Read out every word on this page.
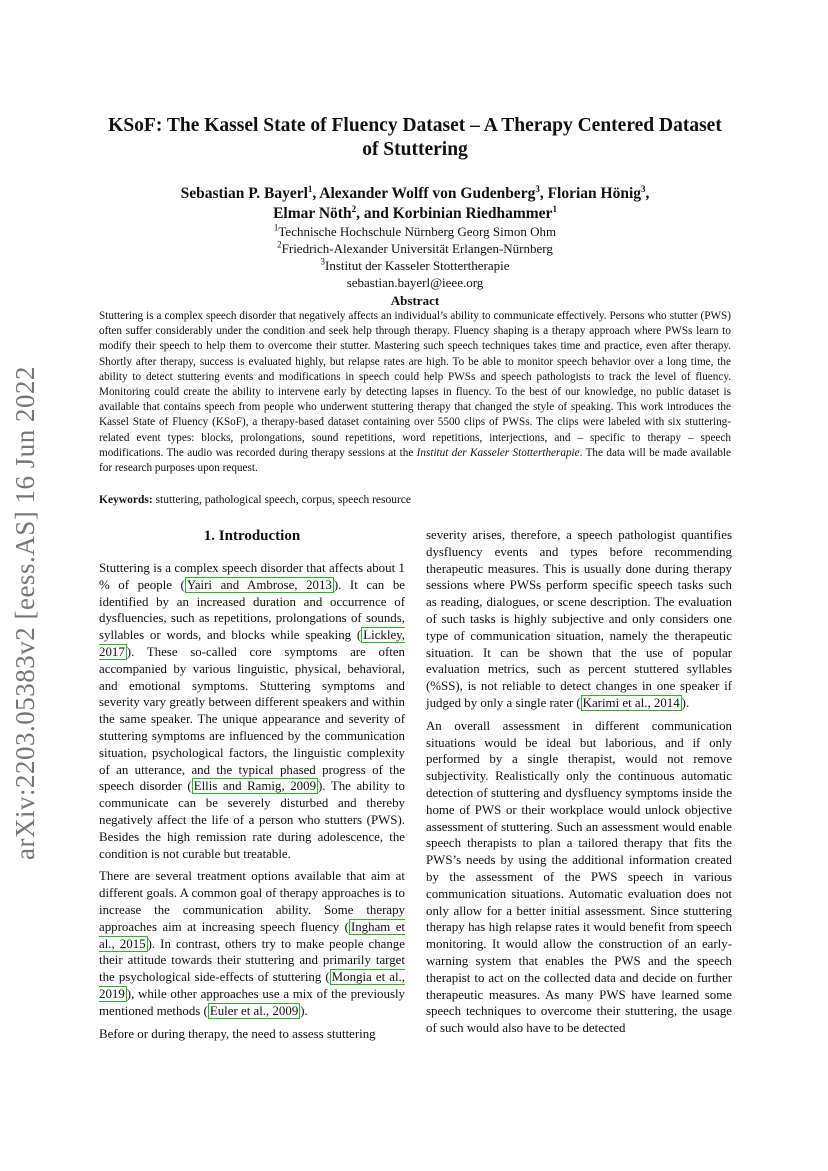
arXiv:2203.05383v2 [eess.AS] 16 Jun 2022
KSoF: The Kassel State of Fluency Dataset – A Therapy Centered Dataset
of Stuttering
Sebastian P. Bayerl$^1$, Alexander Wolff von Gudenberg$^3$, Florian Hönig$^3$,
Elmar Nöth$^2$, and Korbinian Riedhammer$^1$
$^1$Technische Hochschule Nürnberg Georg Simon Ohm
$^2$Friedrich-Alexander Universität Erlangen-Nürnberg
$^3$Institut der Kasseler Stottertherapie
sebastian.bayerl@ieee.org
Abstract
Stuttering is a complex speech disorder that negatively affects an individual’s ability to communicate effectively. Persons who stutter (PWS) often suffer considerably under the condition and seek help through therapy. Fluency shaping is a therapy approach where PWSs learn to modify their speech to help them to overcome their stutter. Mastering such speech techniques takes time and practice, even after therapy. Shortly after therapy, success is evaluated highly, but relapse rates are high. To be able to monitor speech behavior over a long time, the ability to detect stuttering events and modifications in speech could help PWSs and speech pathologists to track the level of fluency. Monitoring could create the ability to intervene early by detecting lapses in fluency. To the best of our knowledge, no public dataset is available that contains speech from people who underwent stuttering therapy that changed the style of speaking. This work introduces the Kassel State of Fluency (KSoF), a therapy-based dataset containing over 5500 clips of PWSs. The clips were labeled with six stuttering-related event types: blocks, prolongations, sound repetitions, word repetitions, interjections, and – specific to therapy – speech modifications. The audio was recorded during therapy sessions at the Institut der Kasseler Stottertherapie. The data will be made available for research purposes upon request.
Keywords: stuttering, pathological speech, corpus, speech resource
1. Introduction

Stuttering is a complex speech disorder that affects about 1 % of people ( Yairi and Ambrose, 2013 ). It can be identified by an increased duration and occurrence of dysfluencies, such as repetitions, prolongations of sounds, syllables or words, and blocks while speaking ( Lickley, 2017 ). These so-called core symptoms are often accompanied by various linguistic, physical, behavioral, and emotional symptoms. Stuttering symptoms and severity vary greatly between different speakers and within the same speaker. The unique appearance and severity of stuttering symptoms are influenced by the communication situation, psychological factors, the linguistic complexity of an utterance, and the typical phased progress of the speech disorder ( Ellis and Ramig, 2009 ). The ability to communicate can be severely disturbed and thereby negatively affect the life of a person who stutters (PWS). Besides the high remission rate during adolescence, the condition is not curable but treatable.

There are several treatment options available that aim at different goals. A common goal of therapy approaches is to increase the communication ability. Some therapy approaches aim at increasing speech fluency ( Ingham et al., 2015 ). In contrast, others try to make people change their attitude towards their stuttering and primarily target the psychological side-effects of stuttering ( Mongia et al., 2019 ), while other approaches use a mix of the previously mentioned methods ( Euler et al., 2009 ).

Before or during therapy, the need to assess stuttering

severity arises, therefore, a speech pathologist quantifies dysfluency events and types before recommending therapeutic measures. This is usually done during therapy sessions where PWSs perform specific speech tasks such as reading, dialogues, or scene description. The evaluation of such tasks is highly subjective and only considers one type of communication situation, namely the therapeutic situation. It can be shown that the use of popular evaluation metrics, such as percent stuttered syllables (%SS), is not reliable to detect changes in one speaker if judged by only a single rater ( Karimi et al., 2014 ).

An overall assessment in different communication situations would be ideal but laborious, and if only performed by a single therapist, would not remove subjectivity. Realistically only the continuous automatic detection of stuttering and dysfluency symptoms inside the home of PWS or their workplace would unlock objective assessment of stuttering. Such an assessment would enable speech therapists to plan a tailored therapy that fits the PWS’s needs by using the additional information created by the assessment of the PWS speech in various communication situations. Automatic evaluation does not only allow for a better initial assessment. Since stuttering therapy has high relapse rates it would benefit from speech monitoring. It would allow the construction of an early-warning system that enables the PWS and the speech therapist to act on the collected data and decide on further therapeutic measures. As many PWS have learned some speech techniques to overcome their stuttering, the usage of such would also have to be detected
